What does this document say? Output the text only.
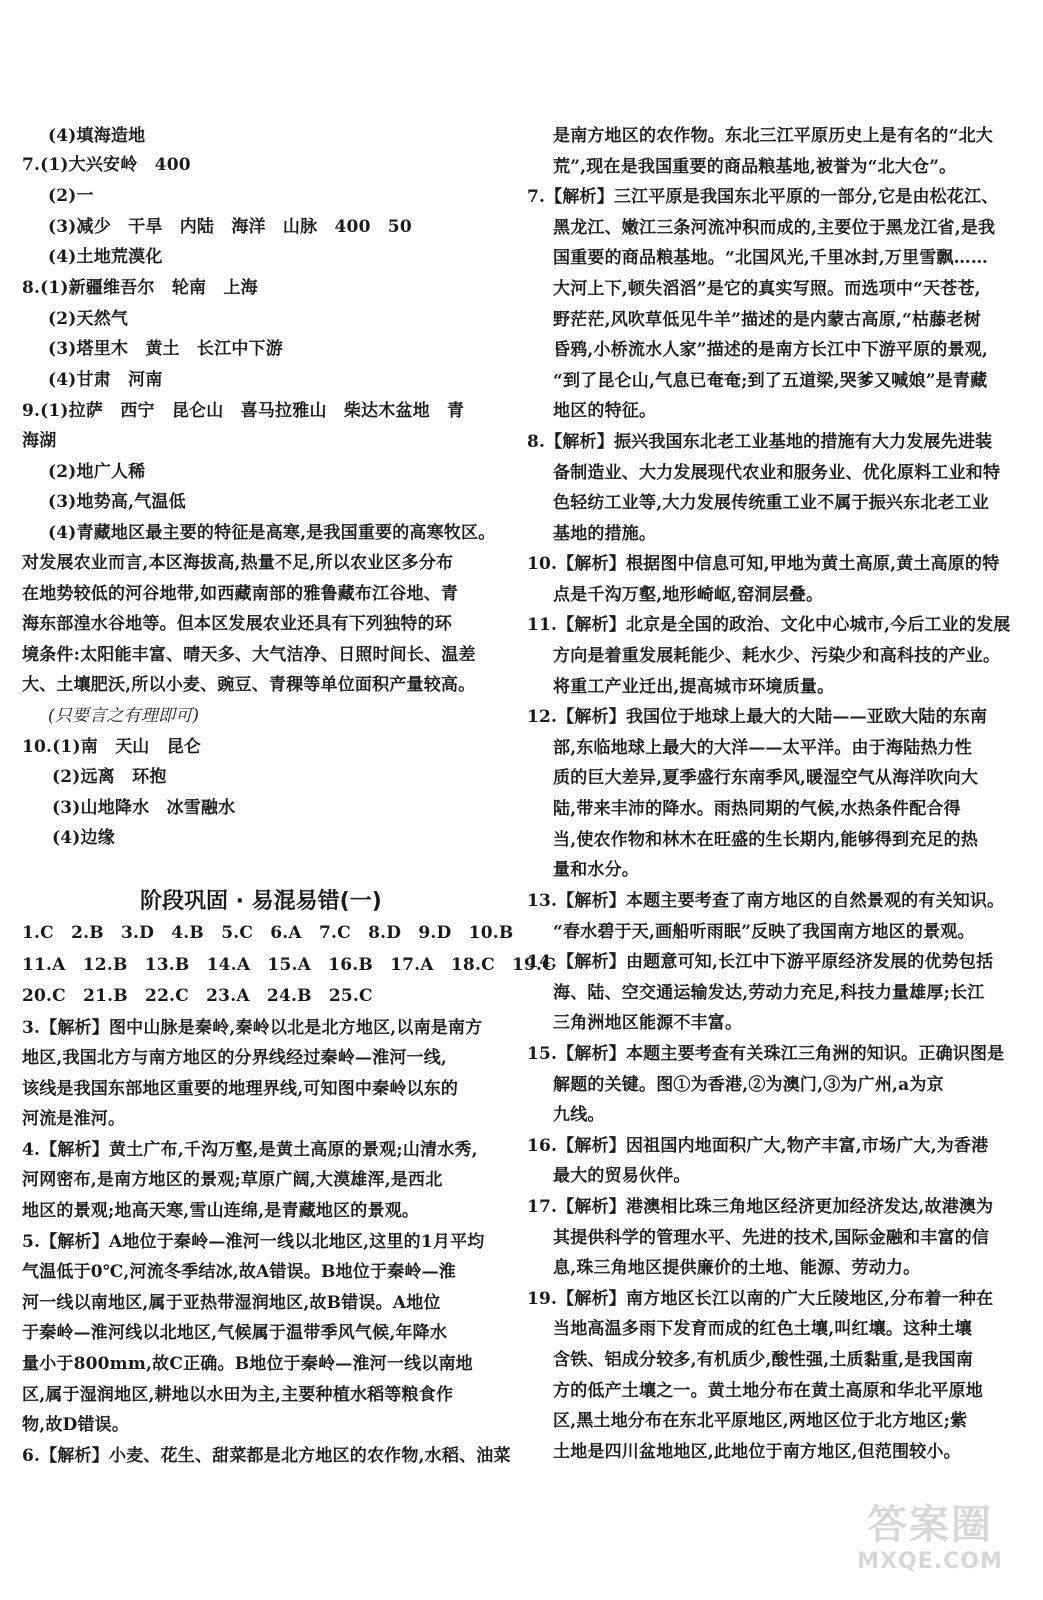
(4)填海造地
7.(1)大兴安岭　400
(2)一
(3)减少　干旱　内陆　海洋　山脉　400　50
(4)土地荒漠化
8.(1)新疆维吾尔　轮南　上海
(2)天然气
(3)塔里木　黄土　长江中下游
(4)甘肃　河南
9.(1)拉萨　西宁　昆仑山　喜马拉雅山　柴达木盆地　青
海湖
(2)地广人稀
(3)地势高,气温低
(4)青藏地区最主要的特征是高寒,是我国重要的高寒牧区。
对发展农业而言,本区海拔高,热量不足,所以农业区多分布
在地势较低的河谷地带,如西藏南部的雅鲁藏布江谷地、青
海东部湟水谷地等。但本区发展农业还具有下列独特的环
境条件:太阳能丰富、晴天多、大气洁净、日照时间长、温差
大、土壤肥沃,所以小麦、豌豆、青稞等单位面积产量较高。
(只要言之有理即可)
10.(1)南　天山　昆仑
(2)远离　环抱
(3)山地降水　冰雪融水
(4)边缘
阶段巩固 · 易混易错(一)
1.C　2.B　3.D　4.B　5.C　6.A　7.C　8.D　9.D　10.B
11.A　12.B　13.B　14.A　15.A　16.B　17.A　18.C　19.C
20.C　21.B　22.C　23.A　24.B　25.C
3.【解析】图中山脉是秦岭,秦岭以北是北方地区,以南是南方
地区,我国北方与南方地区的分界线经过秦岭—淮河一线,
该线是我国东部地区重要的地理界线,可知图中秦岭以东的
河流是淮河。
4.【解析】黄土广布,千沟万壑,是黄土高原的景观;山清水秀,
河网密布,是南方地区的景观;草原广阔,大漠雄浑,是西北
地区的景观;地高天寒,雪山连绵,是青藏地区的景观。
5.【解析】A地位于秦岭—淮河一线以北地区,这里的1月平均
气温低于0℃,河流冬季结冰,故A错误。B地位于秦岭—淮
河一线以南地区,属于亚热带湿润地区,故B错误。A地位
于秦岭—淮河线以北地区,气候属于温带季风气候,年降水
量小于800mm,故C正确。B地位于秦岭—淮河一线以南地
区,属于湿润地区,耕地以水田为主,主要种植水稻等粮食作
物,故D错误。
6.【解析】小麦、花生、甜菜都是北方地区的农作物,水稻、油菜
是南方地区的农作物。东北三江平原历史上是有名的“北大
荒”,现在是我国重要的商品粮基地,被誉为“北大仓”。
7.【解析】三江平原是我国东北平原的一部分,它是由松花江、
黑龙江、嫩江三条河流冲积而成的,主要位于黑龙江省,是我
国重要的商品粮基地。“北国风光,千里冰封,万里雪飘……
大河上下,顿失滔滔”是它的真实写照。而选项中“天苍苍,
野茫茫,风吹草低见牛羊”描述的是内蒙古高原,“枯藤老树
昏鸦,小桥流水人家”描述的是南方长江中下游平原的景观,
“到了昆仑山,气息已奄奄;到了五道梁,哭爹又喊娘”是青藏
地区的特征。
8.【解析】振兴我国东北老工业基地的措施有大力发展先进装
备制造业、大力发展现代农业和服务业、优化原料工业和特
色轻纺工业等,大力发展传统重工业不属于振兴东北老工业
基地的措施。
10.【解析】根据图中信息可知,甲地为黄土高原,黄土高原的特
点是千沟万壑,地形崎岖,窑洞层叠。
11.【解析】北京是全国的政治、文化中心城市,今后工业的发展
方向是着重发展耗能少、耗水少、污染少和高科技的产业。
将重工产业迁出,提高城市环境质量。
12.【解析】我国位于地球上最大的大陆——亚欧大陆的东南
部,东临地球上最大的大洋——太平洋。由于海陆热力性
质的巨大差异,夏季盛行东南季风,暖湿空气从海洋吹向大
陆,带来丰沛的降水。雨热同期的气候,水热条件配合得
当,使农作物和林木在旺盛的生长期内,能够得到充足的热
量和水分。
13.【解析】本题主要考查了南方地区的自然景观的有关知识。
“春水碧于天,画船听雨眠”反映了我国南方地区的景观。
14.【解析】由题意可知,长江中下游平原经济发展的优势包括
海、陆、空交通运输发达,劳动力充足,科技力量雄厚;长江
三角洲地区能源不丰富。
15.【解析】本题主要考查有关珠江三角洲的知识。正确识图是
解题的关键。图①为香港,②为澳门,③为广州,a为京
九线。
16.【解析】因祖国内地面积广大,物产丰富,市场广大,为香港
最大的贸易伙伴。
17.【解析】港澳相比珠三角地区经济更加经济发达,故港澳为
其提供科学的管理水平、先进的技术,国际金融和丰富的信
息,珠三角地区提供廉价的土地、能源、劳动力。
19.【解析】南方地区长江以南的广大丘陵地区,分布着一种在
当地高温多雨下发育而成的红色土壤,叫红壤。这种土壤
含铁、铝成分较多,有机质少,酸性强,土质黏重,是我国南
方的低产土壤之一。黄土地分布在黄土高原和华北平原地
区,黑土地分布在东北平原地区,两地区位于北方地区;紫
土地是四川盆地地区,此地位于南方地区,但范围较小。
答案圈
MXQE.COM
